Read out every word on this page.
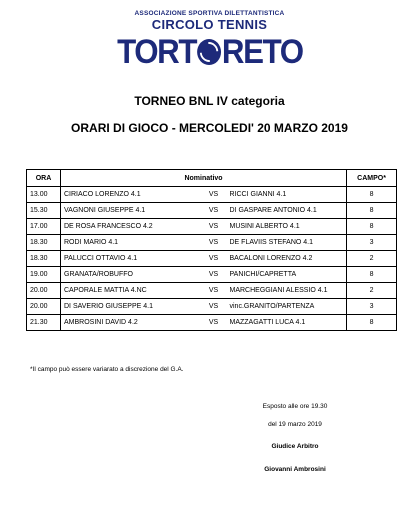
ASSOCIAZIONE SPORTIVA DILETTANTISTICA
CIRCOLO TENNIS
TORT RETO
TORNEO BNL IV categoria
ORARI DI GIOCO - MERCOLEDI' 20 MARZO 2019
ORA	Nominativo			CAMPO*
13.00	CIRIACO LORENZO 4.1	VS	RICCI GIANNI 4.1	8
15.30	VAGNONI GIUSEPPE 4.1	VS	DI GASPARE ANTONIO 4.1	8
17.00	DE ROSA FRANCESCO 4.2	VS	MUSINI ALBERTO 4.1	8
18.30	RODI MARIO 4.1	VS	DE FLAVIIS STEFANO 4.1	3
18.30	PALUCCI OTTAVIO 4.1	VS	BACALONI LORENZO 4.2	2
19.00	GRANATA/ROBUFFO	VS	PANICHI/CAPRETTA	8
20.00	CAPORALE MATTIA 4.NC	VS	MARCHEGGIANI ALESSIO 4.1	2
20.00	DI SAVERIO GIUSEPPE 4.1	VS	vinc.GRANITO/PARTENZA	3
21.30	AMBROSINI DAVID 4.2	VS	MAZZAGATTI LUCA 4.1	8
*Il campo può essere variarato a discrezione del G.A.
Esposto alle ore 19.30
del 19 marzo 2019
Giudice Arbitro
Giovanni Ambrosini
